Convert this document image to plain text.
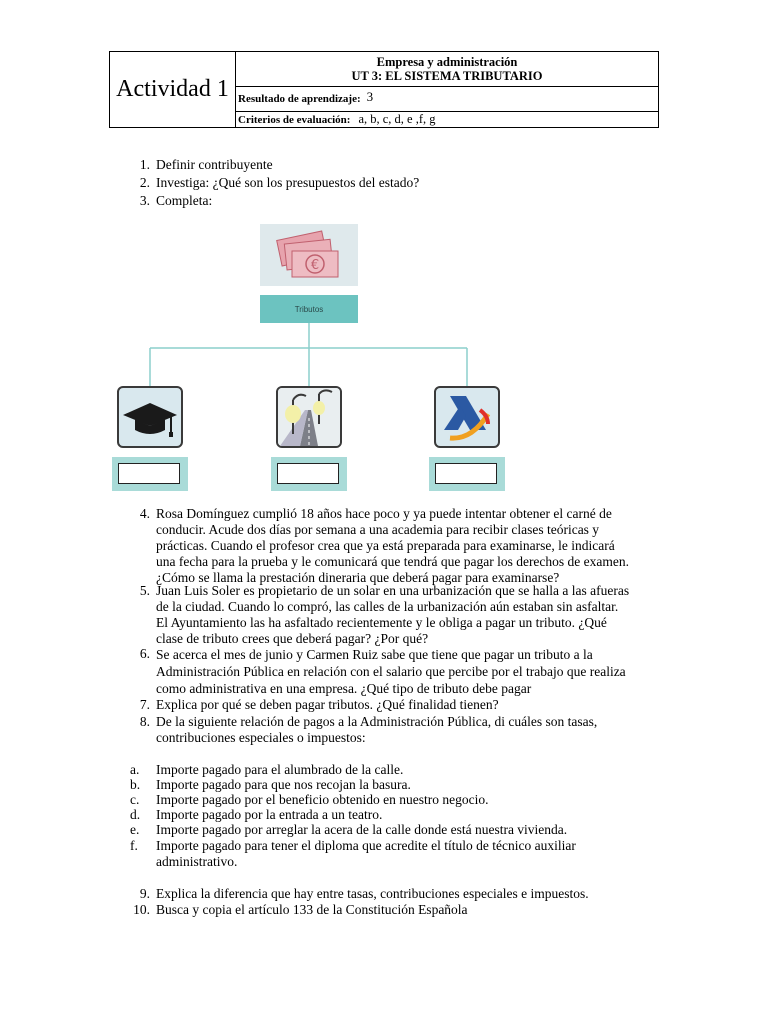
Actividad 1
Empresa y administración
UT 3: EL SISTEMA TRIBUTARIO
Resultado de aprendizaje: 3
Criterios de evaluación: a, b, c, d, e ,f, g
1. Definir contribuyente
2. Investiga: ¿Qué son los presupuestos del estado?
3. Completa:
€
Tributos
4. Rosa Domínguez cumplió 18 años hace poco y ya puede intentar obtener el carné de
conducir. Acude dos días por semana a una academia para recibir clases teóricas y
prácticas. Cuando el profesor crea que ya está preparada para examinarse, le indicará
una fecha para la prueba y le comunicará que tendrá que pagar los derechos de examen.
¿Cómo se llama la prestación dineraria que deberá pagar para examinarse?
5. Juan Luis Soler es propietario de un solar en una urbanización que se halla a las afueras
de la ciudad. Cuando lo compró, las calles de la urbanización aún estaban sin asfaltar.
El Ayuntamiento las ha asfaltado recientemente y le obliga a pagar un tributo. ¿Qué
clase de tributo crees que deberá pagar? ¿Por qué?
6. Se acerca el mes de junio y Carmen Ruiz sabe que tiene que pagar un tributo a la
Administración Pública en relación con el salario que percibe por el trabajo que realiza
como administrativa en una empresa. ¿Qué tipo de tributo debe pagar
7. Explica por qué se deben pagar tributos. ¿Qué finalidad tienen?
8. De la siguiente relación de pagos a la Administración Pública, di cuáles son tasas,
contribuciones especiales o impuestos:
a.	Importe pagado para el alumbrado de la calle.
b.	Importe pagado para que nos recojan la basura.
c.	Importe pagado por el beneficio obtenido en nuestro negocio.
d.	Importe pagado por la entrada a un teatro.
e.	Importe pagado por arreglar la acera de la calle donde está nuestra vivienda.
f.	Importe pagado para tener el diploma que acredite el título de técnico auxiliar
administrativo.
9. Explica la diferencia que hay entre tasas, contribuciones especiales e impuestos.
10. Busca y copia el artículo 133 de la Constitución Española
